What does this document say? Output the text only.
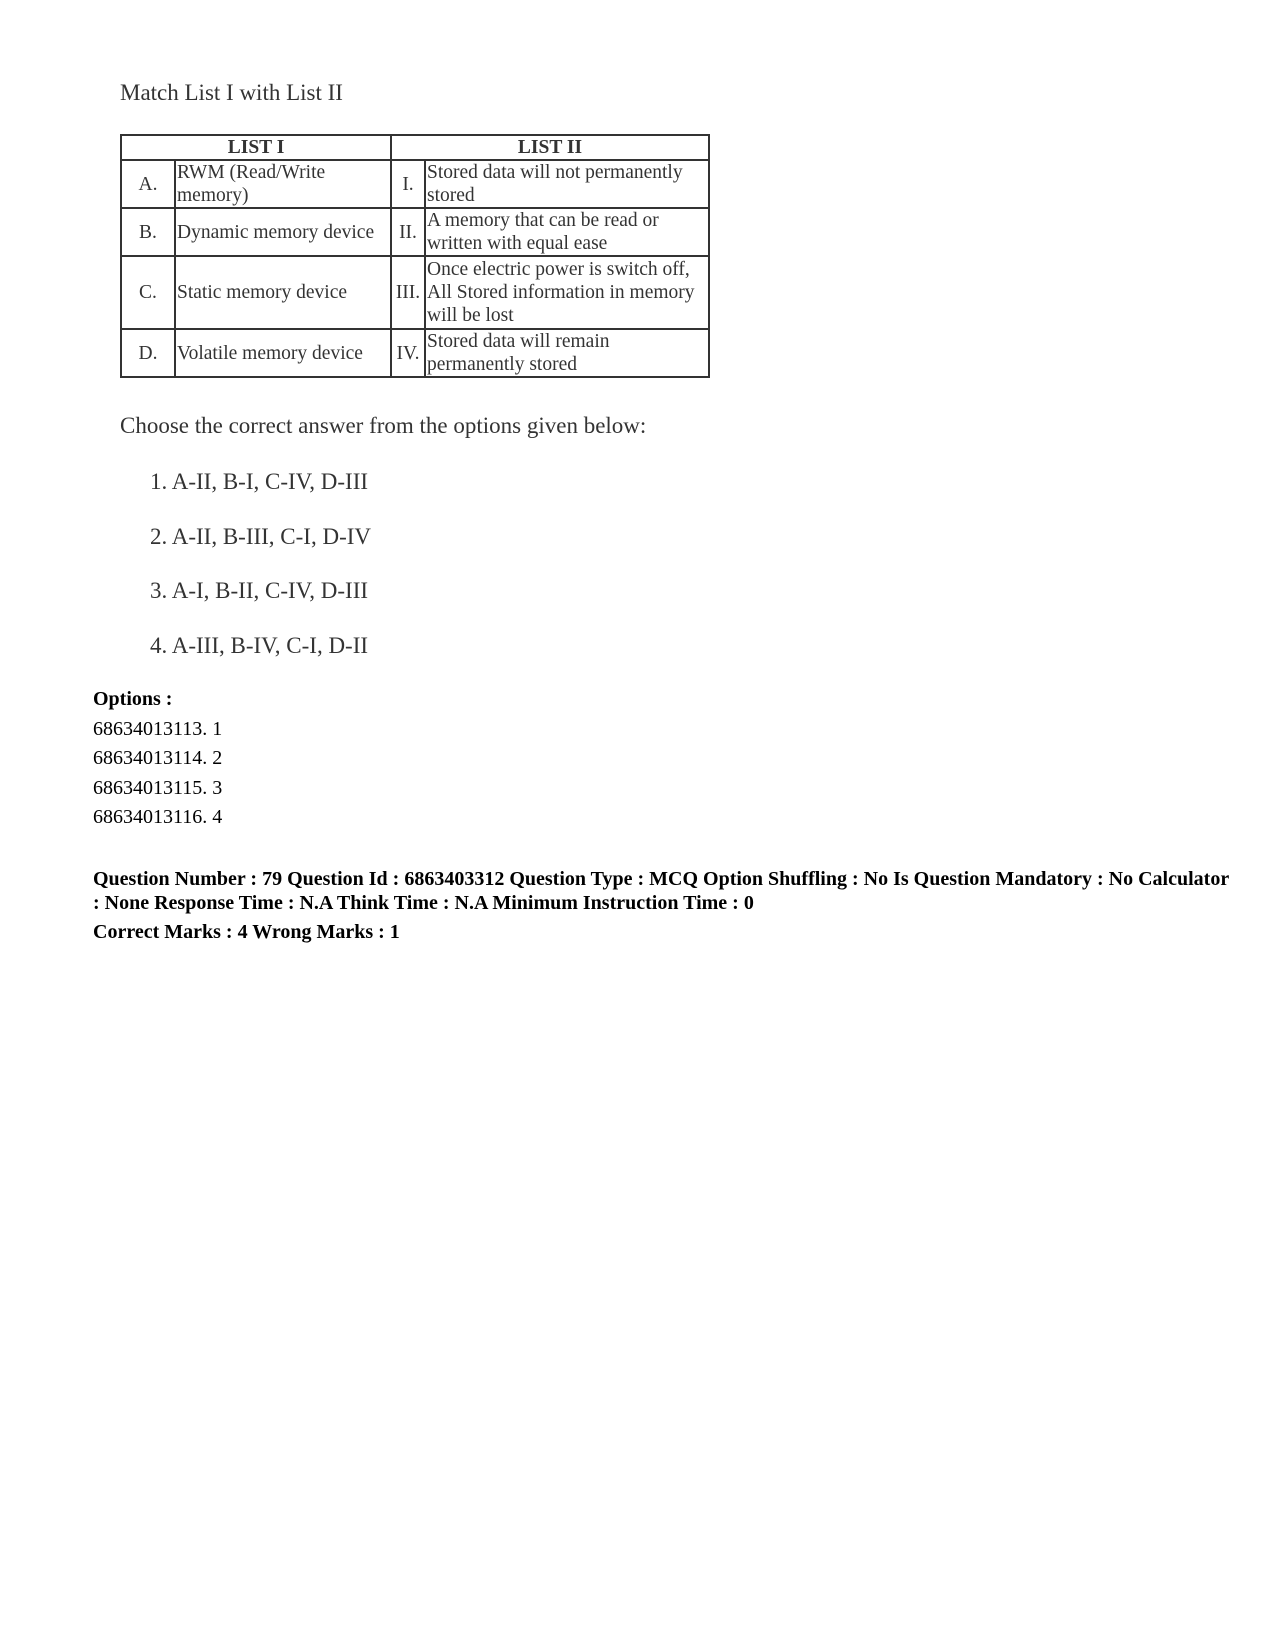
Match List I with List II

LIST I		LIST II	
A.	RWM (Read/Write memory)	I.	Stored data will not permanently stored
B.	Dynamic memory device	II.	A memory that can be read or written with equal ease
C.	Static memory device	III.	Once electric power is switch off, All Stored information in memory will be lost
D.	Volatile memory device	IV.	Stored data will remain permanently stored
Choose the correct answer from the options given below:
1. A-II, B-I, C-IV, D-III
2. A-II, B-III, C-I, D-IV
3. A-I, B-II, C-IV, D-III
4. A-III, B-IV, C-I, D-II
Options :
68634013113. 1
68634013114. 2
68634013115. 3
68634013116. 4
Question Number : 79 Question Id : 6863403312 Question Type : MCQ Option Shuffling : No Is Question Mandatory : No Calculator : None Response Time : N.A Think Time : N.A Minimum Instruction Time : 0
Correct Marks : 4 Wrong Marks : 1
